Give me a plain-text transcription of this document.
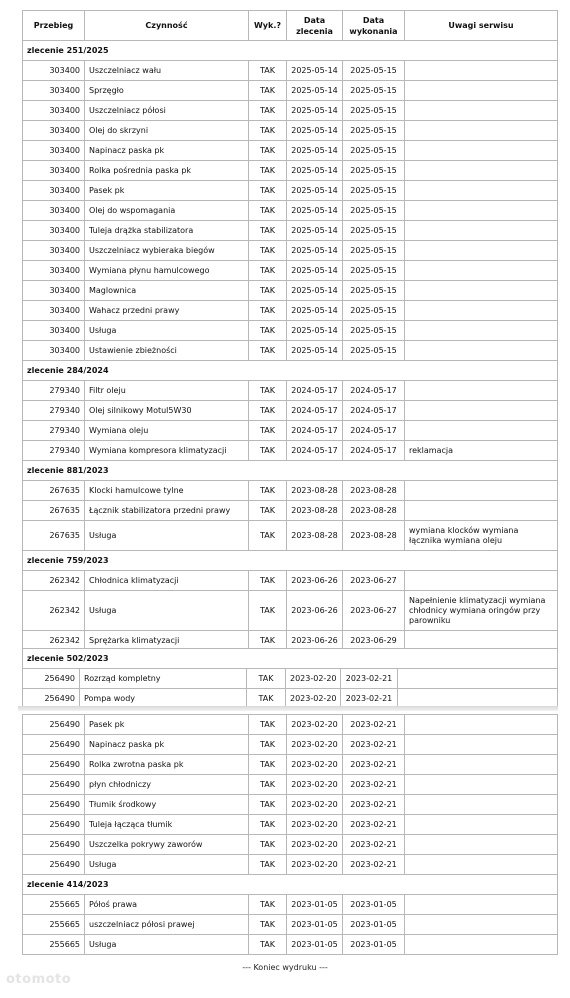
Przebieg	Czynność	Wyk.?	Data zlecenia	Data wykonania	Uwagi serwisu
zlecenie 251/2025					
303400	Uszczelniacz wału	TAK	2025-05-14	2025-05-15	
303400	Sprzęgło	TAK	2025-05-14	2025-05-15	
303400	Uszczelniacz półosi	TAK	2025-05-14	2025-05-15	
303400	Olej do skrzyni	TAK	2025-05-14	2025-05-15	
303400	Napinacz paska pk	TAK	2025-05-14	2025-05-15	
303400	Rolka pośrednia paska pk	TAK	2025-05-14	2025-05-15	
303400	Pasek pk	TAK	2025-05-14	2025-05-15	
303400	Olej do wspomagania	TAK	2025-05-14	2025-05-15	
303400	Tuleja drążka stabilizatora	TAK	2025-05-14	2025-05-15	
303400	Uszczelniacz wybieraka biegów	TAK	2025-05-14	2025-05-15	
303400	Wymiana płynu hamulcowego	TAK	2025-05-14	2025-05-15	
303400	Maglownica	TAK	2025-05-14	2025-05-15	
303400	Wahacz przedni prawy	TAK	2025-05-14	2025-05-15	
303400	Usługa	TAK	2025-05-14	2025-05-15	
303400	Ustawienie zbieżności	TAK	2025-05-14	2025-05-15	
zlecenie 284/2024					
279340	Filtr oleju	TAK	2024-05-17	2024-05-17	
279340	Olej silnikowy Motul5W30	TAK	2024-05-17	2024-05-17	
279340	Wymiana oleju	TAK	2024-05-17	2024-05-17	
279340	Wymiana kompresora klimatyzacji	TAK	2024-05-17	2024-05-17	reklamacja
zlecenie 881/2023					
267635	Klocki hamulcowe tylne	TAK	2023-08-28	2023-08-28	
267635	Łącznik stabilizatora przedni prawy	TAK	2023-08-28	2023-08-28	
267635	Usługa	TAK	2023-08-28	2023-08-28	wymiana klocków wymiana łącznika wymiana oleju
zlecenie 759/2023					
262342	Chłodnica klimatyzacji	TAK	2023-06-26	2023-06-27	
262342	Usługa	TAK	2023-06-26	2023-06-27	Napełnienie klimatyzacji wymiana chłodnicy wymiana oringów przy parowniku
262342	Sprężarka klimatyzacji	TAK	2023-06-26	2023-06-29	
zlecenie 502/2023					
256490	Rozrząd kompletny	TAK	2023-02-20	2023-02-21	
256490	Pompa wody	TAK	2023-02-20	2023-02-21	
256490	Pasek pk	TAK	2023-02-20	2023-02-21	
256490	Napinacz paska pk	TAK	2023-02-20	2023-02-21	
256490	Rolka zwrotna paska pk	TAK	2023-02-20	2023-02-21	
256490	płyn chłodniczy	TAK	2023-02-20	2023-02-21	
256490	Tłumik środkowy	TAK	2023-02-20	2023-02-21	
256490	Tuleja łącząca tłumik	TAK	2023-02-20	2023-02-21	
256490	Uszczelka pokrywy zaworów	TAK	2023-02-20	2023-02-21	
256490	Usługa	TAK	2023-02-20	2023-02-21	
zlecenie 414/2023					
255665	Półoś prawa	TAK	2023-01-05	2023-01-05	
255665	uszczelniacz półosi prawej	TAK	2023-01-05	2023-01-05	
255665	Usługa	TAK	2023-01-05	2023-01-05	
--- Koniec wydruku ---
otomoto
